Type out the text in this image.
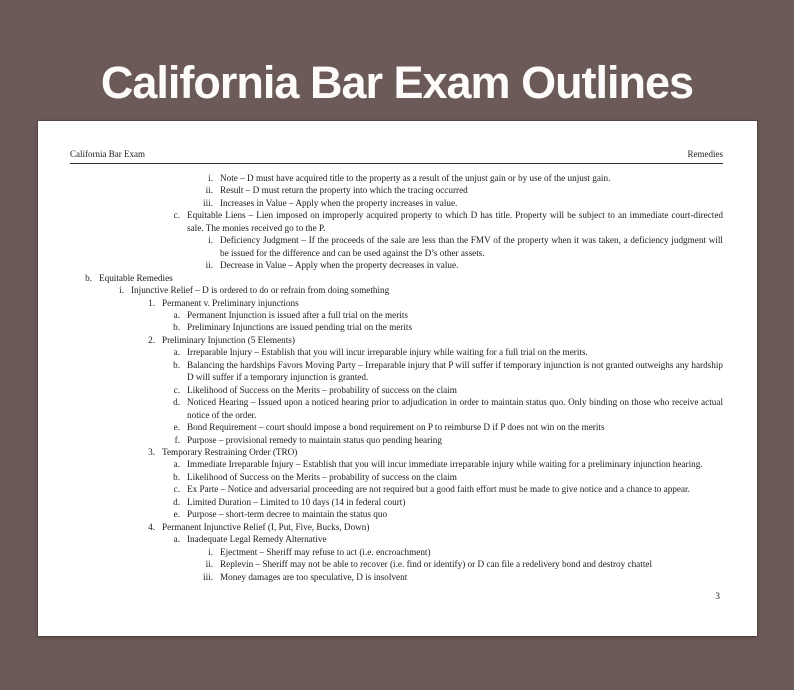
California Bar Exam Outlines
California Bar Exam	Remedies
i. Note – D must have acquired title to the property as a result of the unjust gain or by use of the unjust gain.
ii. Result – D must return the property into which the tracing occurred
iii. Increases in Value – Apply when the property increases in value.
c. Equitable Liens – Lien imposed on improperly acquired property to which D has title. Property will be subject to an immediate court-directed sale. The monies received go to the P.
i. Deficiency Judgment – If the proceeds of the sale are less than the FMV of the property when it was taken, a deficiency judgment will be issued for the difference and can be used against the D’s other assets.
ii. Decrease in Value – Apply when the property decreases in value.
b. Equitable Remedies
i. Injunctive Relief – D is ordered to do or refrain from doing something
1. Permanent v. Preliminary injunctions
a. Permanent Injunction is issued after a full trial on the merits
b. Preliminary Injunctions are issued pending trial on the merits
2. Preliminary Injunction (5 Elements)
a. Irreparable Injury – Establish that you will incur irreparable injury while waiting for a full trial on the merits.
b. Balancing the hardships Favors Moving Party – Irreparable injury that P will suffer if temporary injunction is not granted outweighs any hardship D will suffer if a temporary injunction is granted.
c. Likelihood of Success on the Merits – probability of success on the claim
d. Noticed Hearing – Issued upon a noticed hearing prior to adjudication in order to maintain status quo. Only binding on those who receive actual notice of the order.
e. Bond Requirement – court should impose a bond requirement on P to reimburse D if P does not win on the merits
f. Purpose – provisional remedy to maintain status quo pending hearing
3. Temporary Restraining Order (TRO)
a. Immediate Irreparable Injury – Establish that you will incur immediate irreparable injury while waiting for a preliminary injunction hearing.
b. Likelihood of Success on the Merits – probability of success on the claim
c. Ex Parte – Notice and adversarial proceeding are not required but a good faith effort must be made to give notice and a chance to appear.
d. Limited Duration – Limited to 10 days (14 in federal court)
e. Purpose – short-term decree to maintain the status quo
4. Permanent Injunctive Relief (I, Put, Five, Bucks, Down)
a. Inadequate Legal Remedy Alternative
i. Ejectment – Sheriff may refuse to act (i.e. encroachment)
ii. Replevin – Sheriff may not be able to recover (i.e. find or identify) or D can file a redelivery bond and destroy chattel
iii. Money damages are too speculative, D is insolvent
3
